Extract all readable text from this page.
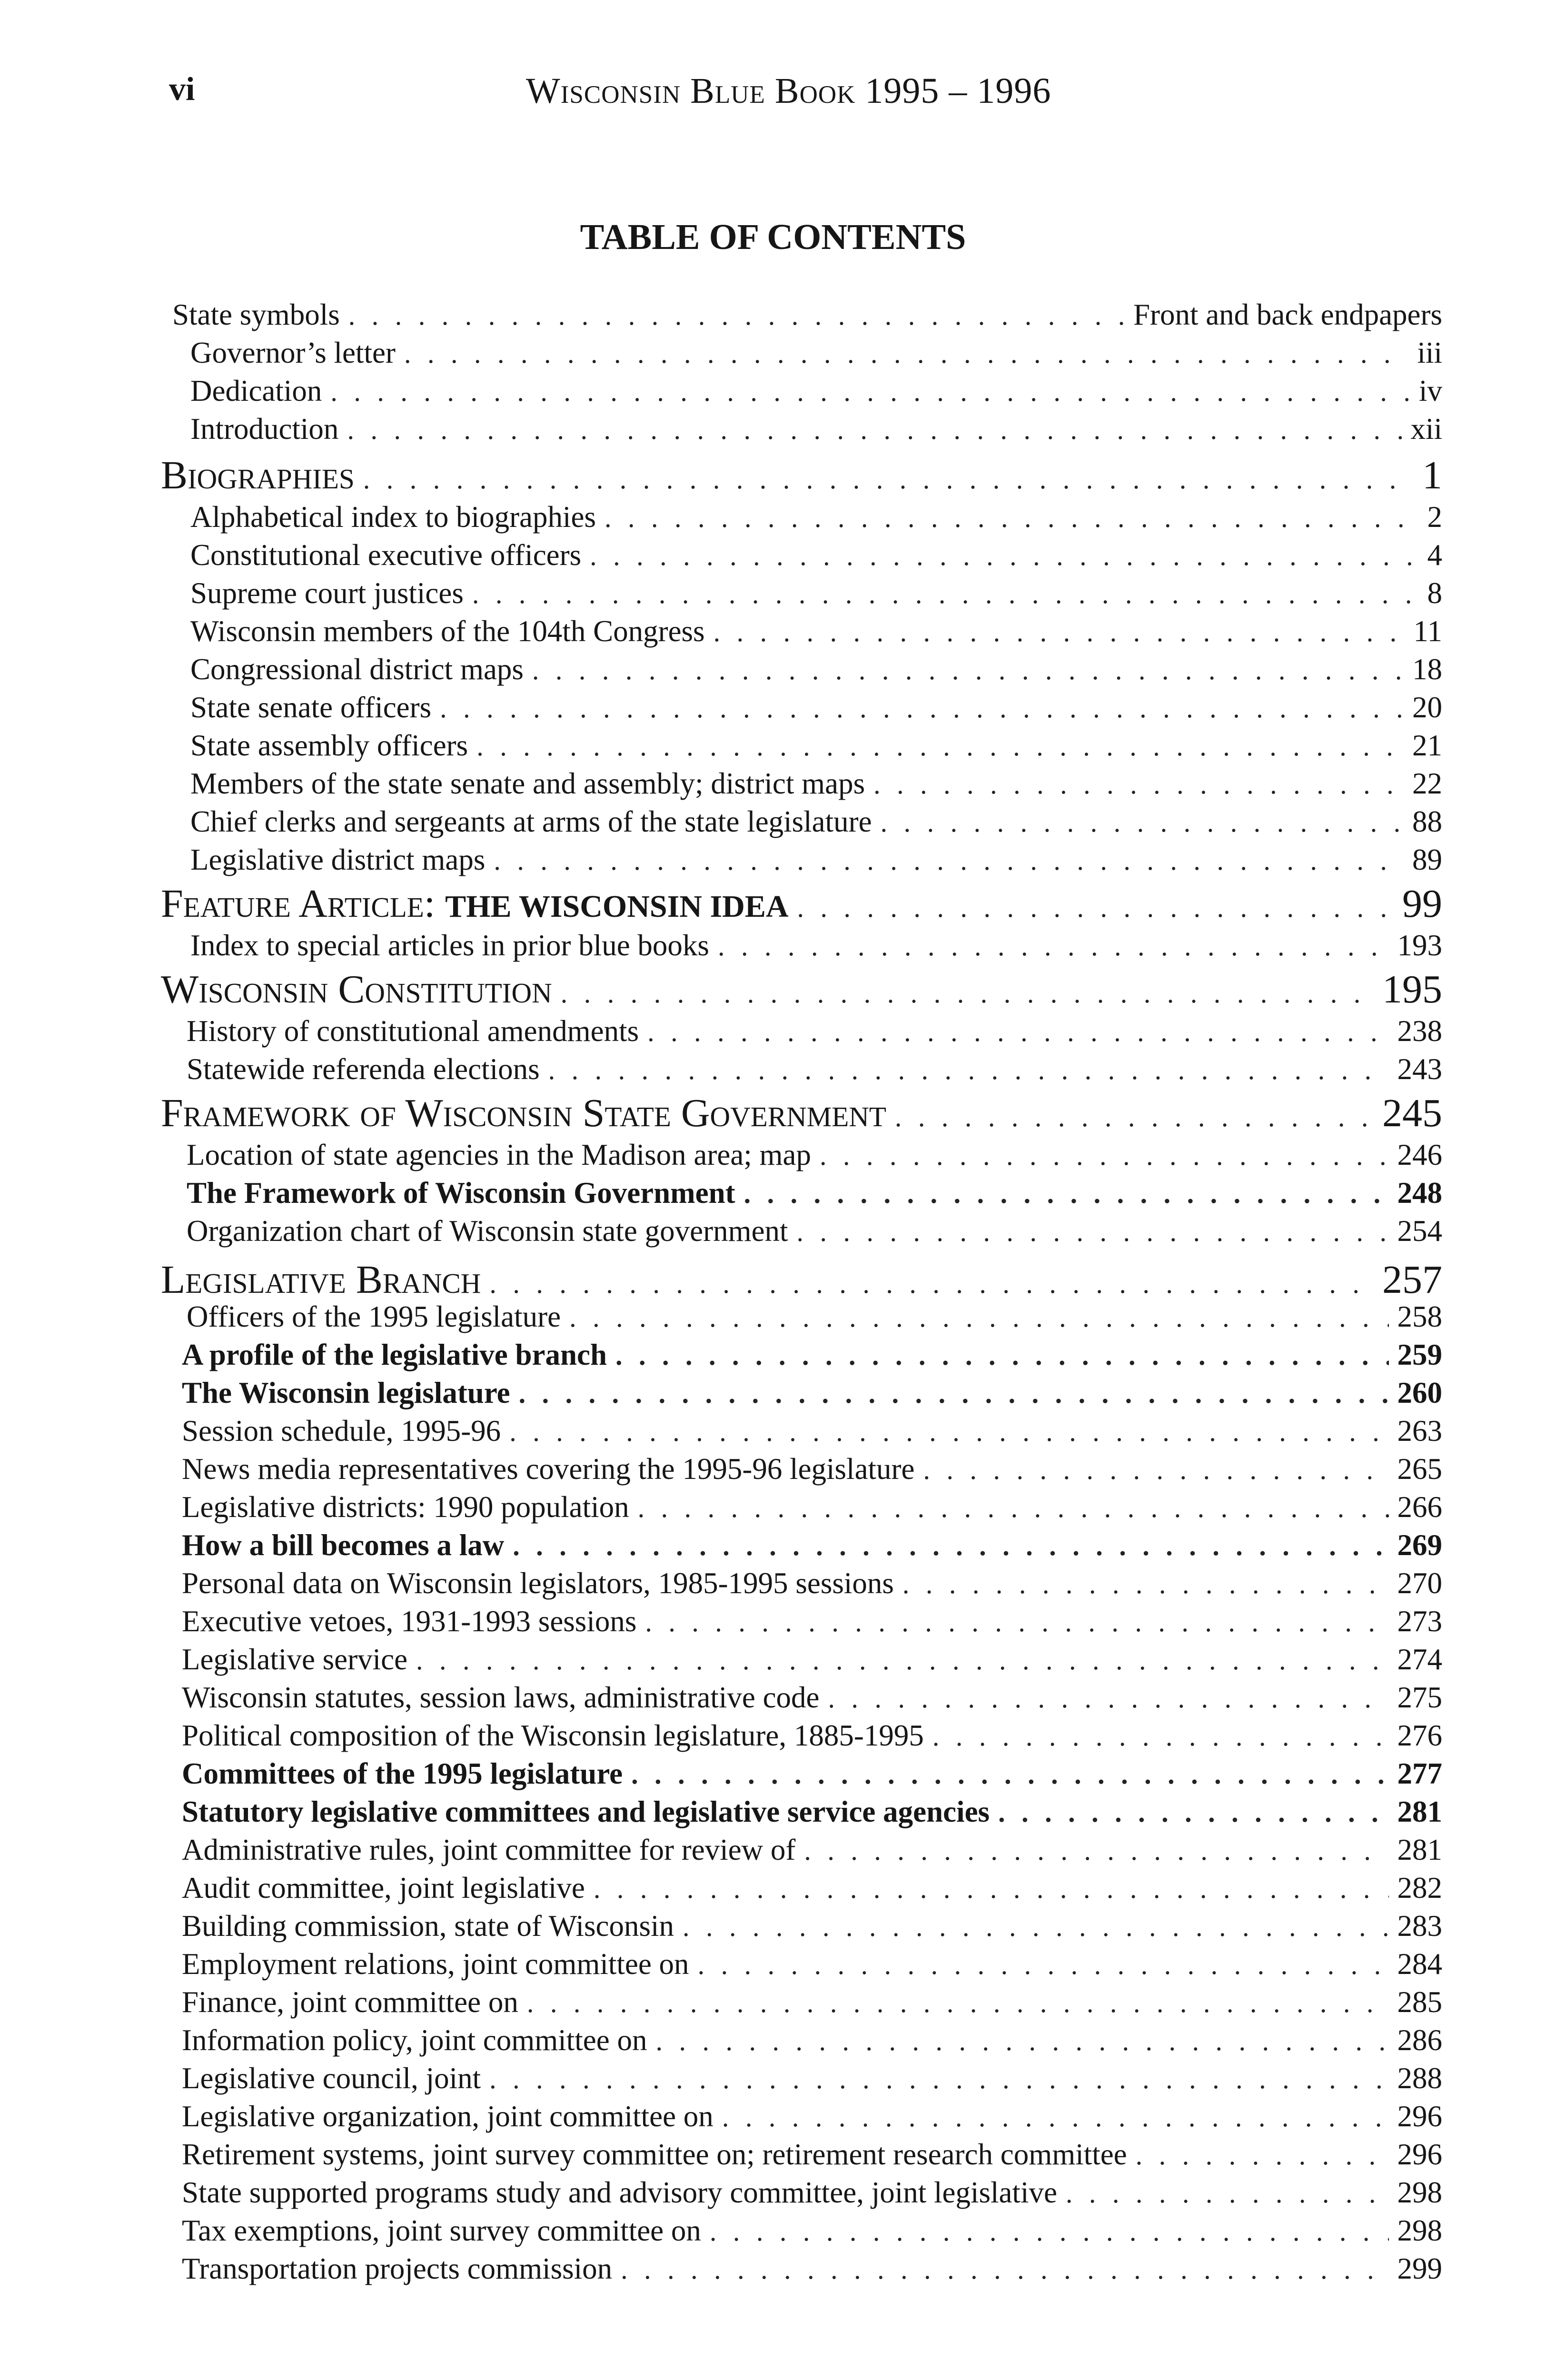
vi	Wisconsin Blue Book 1995 – 1996
TABLE OF CONTENTS
State symbols . . .	Front and back endpapers
Governor’s letter . . .	iii
Dedication . . .	iv
Introduction . . .	xii
Biographies . . .	1
Alphabetical index to biographies . . .	2
Constitutional executive officers . . .	4
Supreme court justices . . .	8
Wisconsin members of the 104th Congress . . .	11
Congressional district maps . . .	18
State senate officers . . .	20
State assembly officers . . .	21
Members of the state senate and assembly; district maps . . .	22
Chief clerks and sergeants at arms of the state legislature . . .	88
Legislative district maps . . .	89
Feature Article: THE WISCONSIN IDEA . . .	99
Index to special articles in prior blue books . . .	193
Wisconsin Constitution . . .	195
History of constitutional amendments . . .	238
Statewide referenda elections . . .	243
Framework of Wisconsin State Government . . .	245
Location of state agencies in the Madison area; map . . .	246
The Framework of Wisconsin Government . . .	248
Organization chart of Wisconsin state government . . .	254
Legislative Branch . . .	257
Officers of the 1995 legislature . . .	258
A profile of the legislative branch . . .	259
The Wisconsin legislature . . .	260
Session schedule, 1995-96 . . .	263
News media representatives covering the 1995-96 legislature . . .	265
Legislative districts: 1990 population . . .	266
How a bill becomes a law . . .	269
Personal data on Wisconsin legislators, 1985-1995 sessions . . .	270
Executive vetoes, 1931-1993 sessions . . .	273
Legislative service . . .	274
Wisconsin statutes, session laws, administrative code . . .	275
Political composition of the Wisconsin legislature, 1885-1995 . . .	276
Committees of the 1995 legislature . . .	277
Statutory legislative committees and legislative service agencies . . .	281
Administrative rules, joint committee for review of . . .	281
Audit committee, joint legislative . . .	282
Building commission, state of Wisconsin . . .	283
Employment relations, joint committee on . . .	284
Finance, joint committee on . . .	285
Information policy, joint committee on . . .	286
Legislative council, joint . . .	288
Legislative organization, joint committee on . . .	296
Retirement systems, joint survey committee on; retirement research committee . . .	296
State supported programs study and advisory committee, joint legislative . . .	298
Tax exemptions, joint survey committee on . . .	298
Transportation projects commission . . .	299
